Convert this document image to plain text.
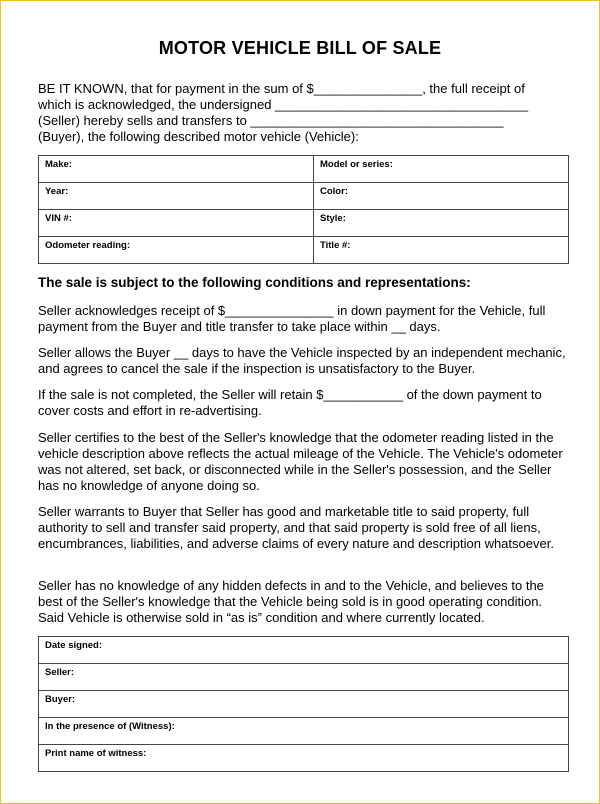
MOTOR VEHICLE BILL OF SALE
BE IT KNOWN, that for payment in the sum of $_______________, the full receipt of
which is acknowledged, the undersigned ___________________________________
(Seller) hereby sells and transfers to ___________________________________
(Buyer), the following described motor vehicle (Vehicle):
Make:	Model or series:
Year:	Color:
VIN #:	Style:
Odometer reading:	Title #:
The sale is subject to the following conditions and representations:
Seller acknowledges receipt of $_______________ in down payment for the Vehicle, full payment from the Buyer and title transfer to take place within __ days.
Seller allows the Buyer __ days to have the Vehicle inspected by an independent mechanic, and agrees to cancel the sale if the inspection is unsatisfactory to the Buyer.
If the sale is not completed, the Seller will retain $___________ of the down payment to cover costs and effort in re-advertising.
Seller certifies to the best of the Seller's knowledge that the odometer reading listed in the vehicle description above reflects the actual mileage of the Vehicle. The Vehicle's odometer was not altered, set back, or disconnected while in the Seller's possession, and the Seller has no knowledge of anyone doing so.
Seller warrants to Buyer that Seller has good and marketable title to said property, full authority to sell and transfer said property, and that said property is sold free of all liens, encumbrances, liabilities, and adverse claims of every nature and description whatsoever.
Seller has no knowledge of any hidden defects in and to the Vehicle, and believes to the best of the Seller's knowledge that the Vehicle being sold is in good operating condition. Said Vehicle is otherwise sold in “as is” condition and where currently located.
Date signed:
Seller:
Buyer:
In the presence of (Witness):
Print name of witness:
